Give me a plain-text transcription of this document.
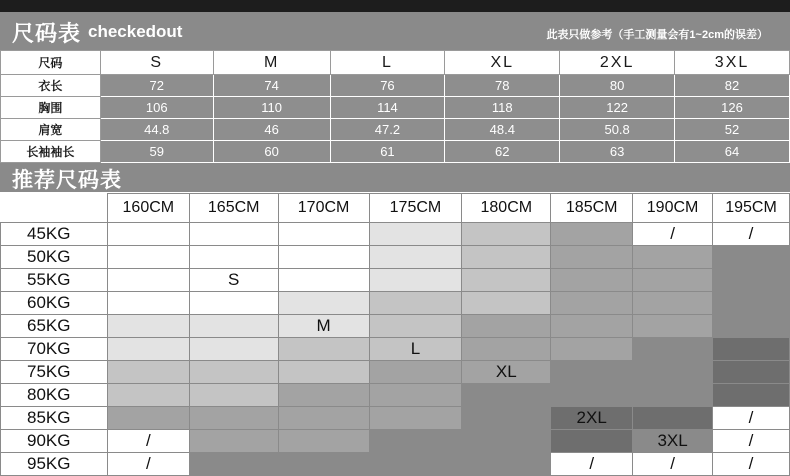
尺码表 checkedout	此表只做参考（手工测量会有1~2cm的误差）
尺码	S	M	L	XL	2XL	3XL
衣长	72	74	76	78	80	82
胸围	106	110	114	118	122	126
肩宽	44.8	46	47.2	48.4	50.8	52
长袖袖长	59	60	61	62	63	64
推荐尺码表
	160CM	165CM	170CM	175CM	180CM	185CM	190CM	195CM
45KG							/	/
50KG								
55KG		S						
60KG								
65KG			M					
70KG				L				
75KG					XL			
80KG								
85KG						2XL		/
90KG	/						3XL	/
95KG	/					/	/	/
